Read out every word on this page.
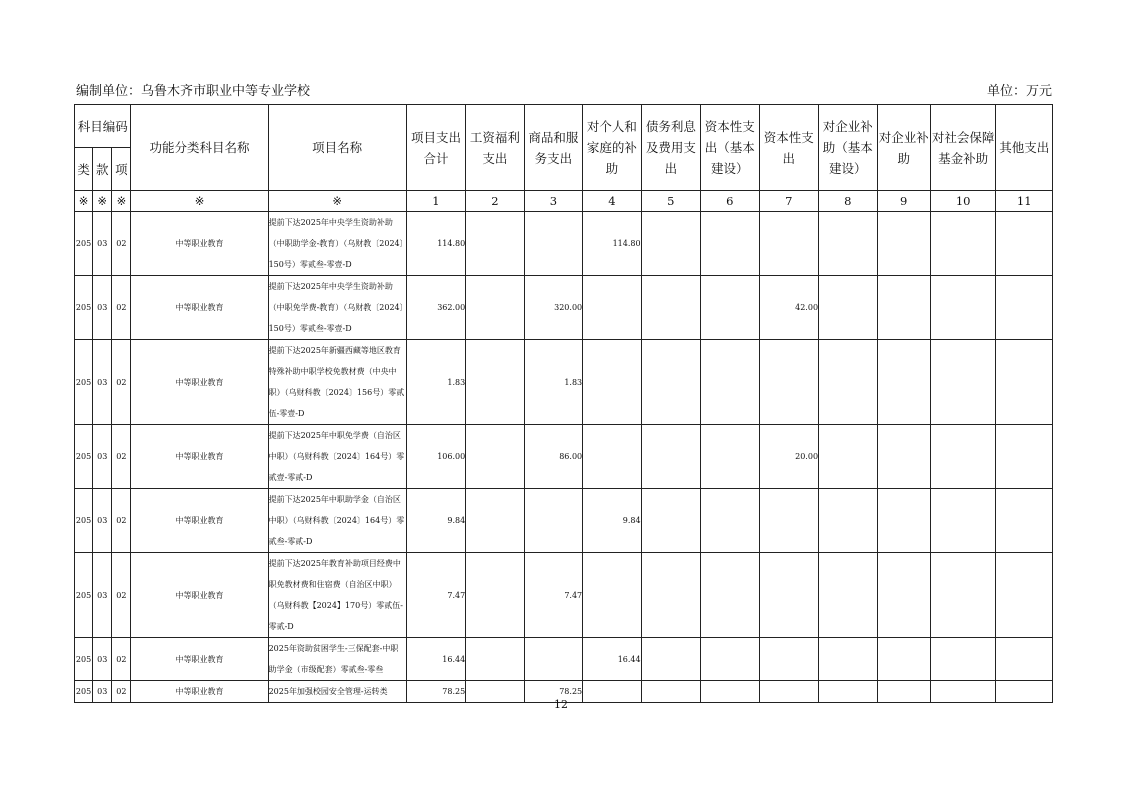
编制单位：乌鲁木齐市职业中等专业学校	单位：万元
科目编码			功能分类科目名称	项目名称	项目支出合计	工资福利支出	商品和服务支出	对个人和家庭的补助	债务利息及费用支出	资本性支出（基本建设）	资本性支出	对企业补助（基本建设）	对企业补助	对社会保障基金补助	其他支出
类	款	项													
※	※	※	※	※	1	2	3	4	5	6	7	8	9	10	11
205	03	02	中等职业教育	提前下达2025年中央学生资助补助（中职助学金-教育）（乌财教〔2024〕150号）零贰叁-零壹-D	114.80			114.80							
205	03	02	中等职业教育	提前下达2025年中央学生资助补助（中职免学费-教育）（乌财教〔2024〕150号）零贰叁-零壹-D	362.00		320.00				42.00				
205	03	02	中等职业教育	提前下达2025年新疆西藏等地区教育特殊补助中职学校免教材费（中央中职）（乌财科教〔2024〕156号）零贰伍-零壹-D	1.83		1.83								
205	03	02	中等职业教育	提前下达2025年中职免学费（自治区中职）（乌财科教〔2024〕164号）零贰壹-零贰-D	106.00		86.00				20.00				
205	03	02	中等职业教育	提前下达2025年中职助学金（自治区中职）（乌财科教〔2024〕164号）零贰叁-零贰-D	9.84			9.84							
205	03	02	中等职业教育	提前下达2025年教育补助项目经费中职免教材费和住宿费（自治区中职）（乌财科教【2024】170号）零贰伍-零贰-D	7.47		7.47								
205	03	02	中等职业教育	2025年资助贫困学生-三保配套-中职助学金（市级配套）零贰叁-零叁	16.44			16.44							
205	03	02	中等职业教育	2025年加强校园安全管理-运转类	78.25		78.25								
12
